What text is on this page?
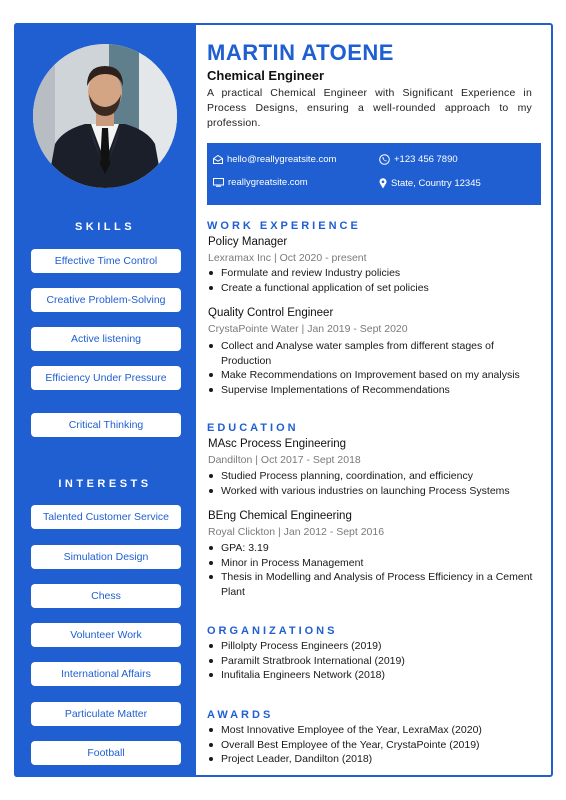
SKILLS
Effective Time Control
Creative Problem-Solving
Active listening
Efficiency Under Pressure
Critical Thinking
INTERESTS
Talented Customer Service
Simulation Design
Chess
Volunteer Work
International Affairs
Particulate Matter
Football
MARTIN ATOENE
Chemical Engineer
A practical Chemical Engineer with Significant Experience in Process Designs, ensuring a well-rounded approach to my profession.
hello@reallygreatsite.com	+123 456 7890
reallygreatsite.com	State, Country 12345
WORK EXPERIENCE
Policy Manager
Lexramax Inc | Oct 2020 - present
Formulate and review Industry policies
Create a functional application of set policies
Quality Control Engineer
CrystaPointe Water | Jan 2019 - Sept 2020
Collect and Analyse water samples from different stages of Production
Make Recommendations on Improvement based on my analysis
Supervise Implementations of Recommendations
EDUCATION
MAsc Process Engineering
Dandilton | Oct 2017 - Sept 2018
Studied Process planning, coordination, and efficiency
Worked with various industries on launching Process Systems
BEng Chemical Engineering
Royal Clickton | Jan 2012 - Sept 2016
GPA: 3.19
Minor in Process Management
Thesis in Modelling and Analysis of Process Efficiency in a Cement Plant
ORGANIZATIONS
Pillolpty Process Engineers (2019)
Paramilt Stratbrook International (2019)
Inufitalia Engineers Network (2018)
AWARDS
Most Innovative Employee of the Year, LexraMax (2020)
Overall Best Employee of the Year, CrystaPointe (2019)
Project Leader, Dandilton (2018)
